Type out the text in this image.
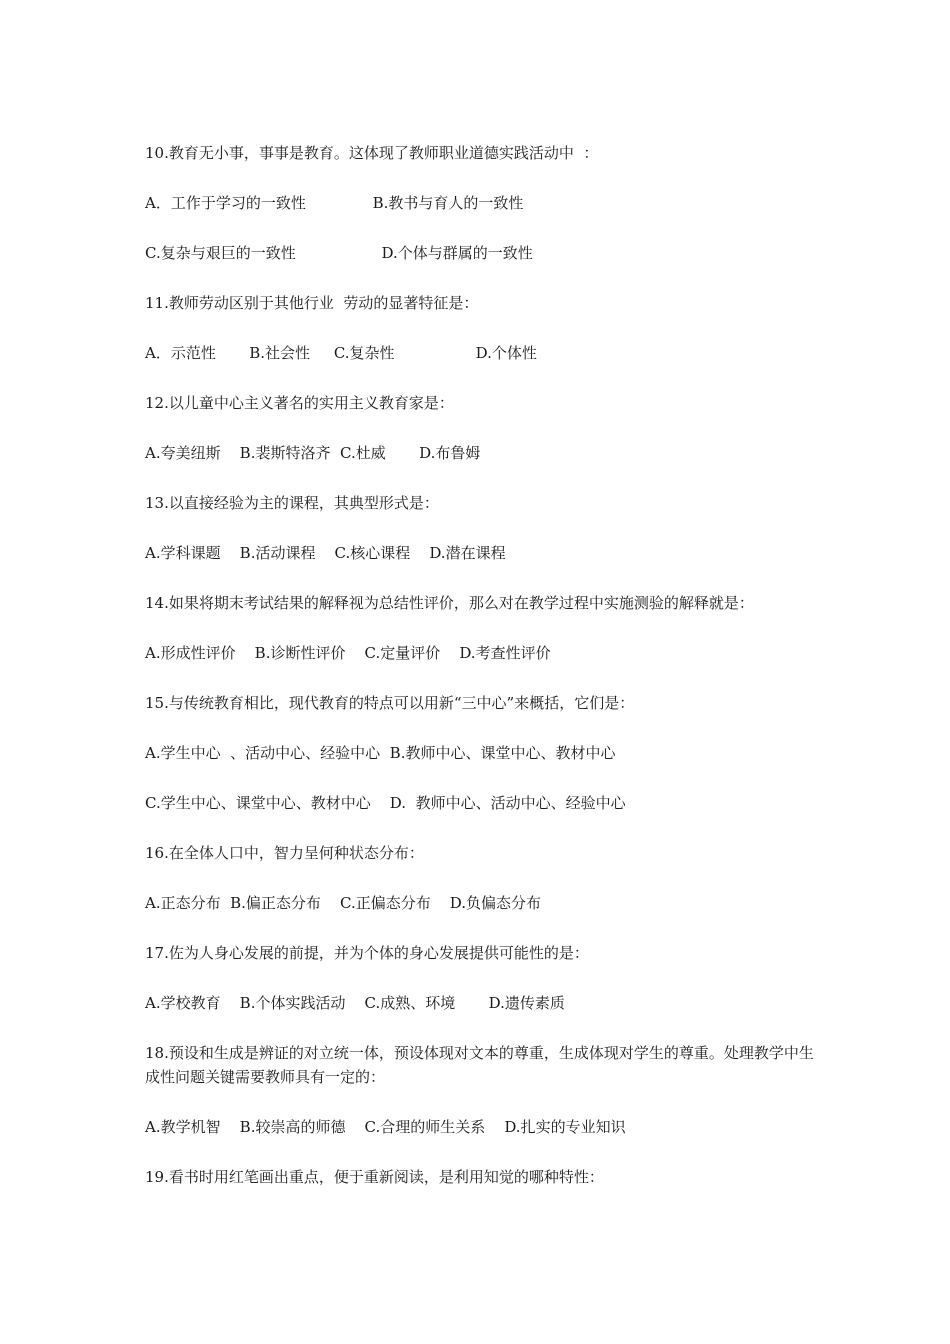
10.教育无小事，事事是教育。这体现了教师职业道德实践活动中  ：
A．工作于学习的一致性              B.教书与育人的一致性
C.复杂与艰巨的一致性                  D.个体与群属的一致性
11.教师劳动区别于其他行业  劳动的显著特征是：
A．示范性       B.社会性     C.复杂性                 D.个体性
12.以儿童中心主义著名的实用主义教育家是：
A.夸美纽斯    B.裴斯特洛齐  C.杜威       D.布鲁姆
13.以直接经验为主的课程，其典型形式是：
A.学科课题    B.活动课程    C.核心课程    D.潜在课程
14.如果将期末考试结果的解释视为总结性评价，那么对在教学过程中实施测验的解释就是：
A.形成性评价    B.诊断性评价    C.定量评价    D.考查性评价
15.与传统教育相比，现代教育的特点可以用新“三中心”来概括，它们是：
A.学生中心  、活动中心、经验中心  B.教师中心、课堂中心、教材中心
C.学生中心、课堂中心、教材中心    D.  教师中心、活动中心、经验中心
16.在全体人口中，智力呈何种状态分布：
A.正态分布  B.偏正态分布    C.正偏态分布    D.负偏态分布
17.佐为人身心发展的前提，并为个体的身心发展提供可能性的是：
A.学校教育    B.个体实践活动    C.成熟、环境       D.遗传素质
18.预设和生成是辨证的对立统一体，预设体现对文本的尊重，生成体现对学生的尊重。处理教学中生成性问题关键需要教师具有一定的：
A.教学机智    B.较崇高的师德    C.合理的师生关系    D.扎实的专业知识
19.看书时用红笔画出重点，便于重新阅读，是利用知觉的哪种特性：
